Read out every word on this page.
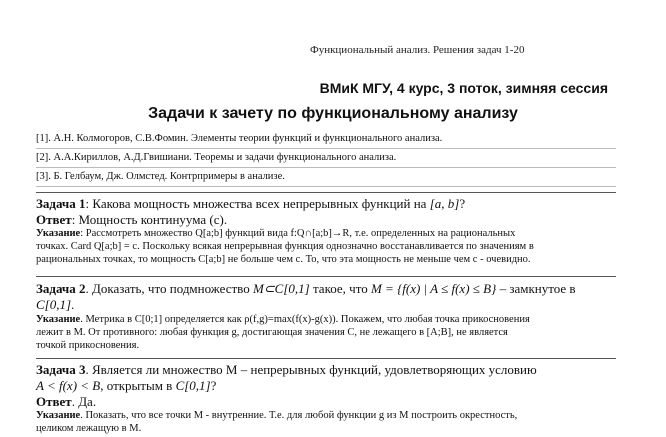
Функциональный анализ. Решения задач 1-20
ВМиК МГУ, 4 курс, 3 поток, зимняя сессия
Задачи к зачету по функциональному анализу
[1]. А.Н. Колмогоров, С.В.Фомин. Элементы теории функций и функционального анализа.
[2]. А.А.Кириллов, А.Д.Гвишиани. Теоремы и задачи функционального анализа.
[3]. Б. Гелбаум, Дж. Олмстед. Контрпримеры в анализе.
Задача 1: Какова мощность множества всех непрерывных функций на [a, b]?
Ответ: Мощность континуума (c).
Указание: Рассмотреть множество Q[a;b] функций вида f:Q∩[a;b]→R, т.е. определенных на рациональных
точках. Card Q[a;b] = c. Поскольку всякая непрерывная функция однозначно восстанавливается по значениям в
рациональных точках, то мощность C[a;b] не больше чем c. То, что эта мощность не меньше чем c - очевидно.
Задача 2. Доказать, что подмножество M⊂C[0,1] такое, что M = {f(x) | A ≤ f(x) ≤ B} – замкнутое в
C[0,1].
Указание. Метрика в C[0;1] определяется как ρ(f,g)=max(f(x)-g(x)). Покажем, что любая точка прикосновения
лежит в M. От противного: любая функция g, достигающая значения C, не лежащего в [A;B], не является
точкой прикосновения.
Задача 3. Является ли множество M – непрерывных функций, удовлетворяющих условию
A < f(x) < B, открытым в C[0,1]?
Ответ. Да.
Указание. Показать, что все точки M - внутренние. Т.е. для любой функции g из M построить окрестность,
целиком лежащую в M.
